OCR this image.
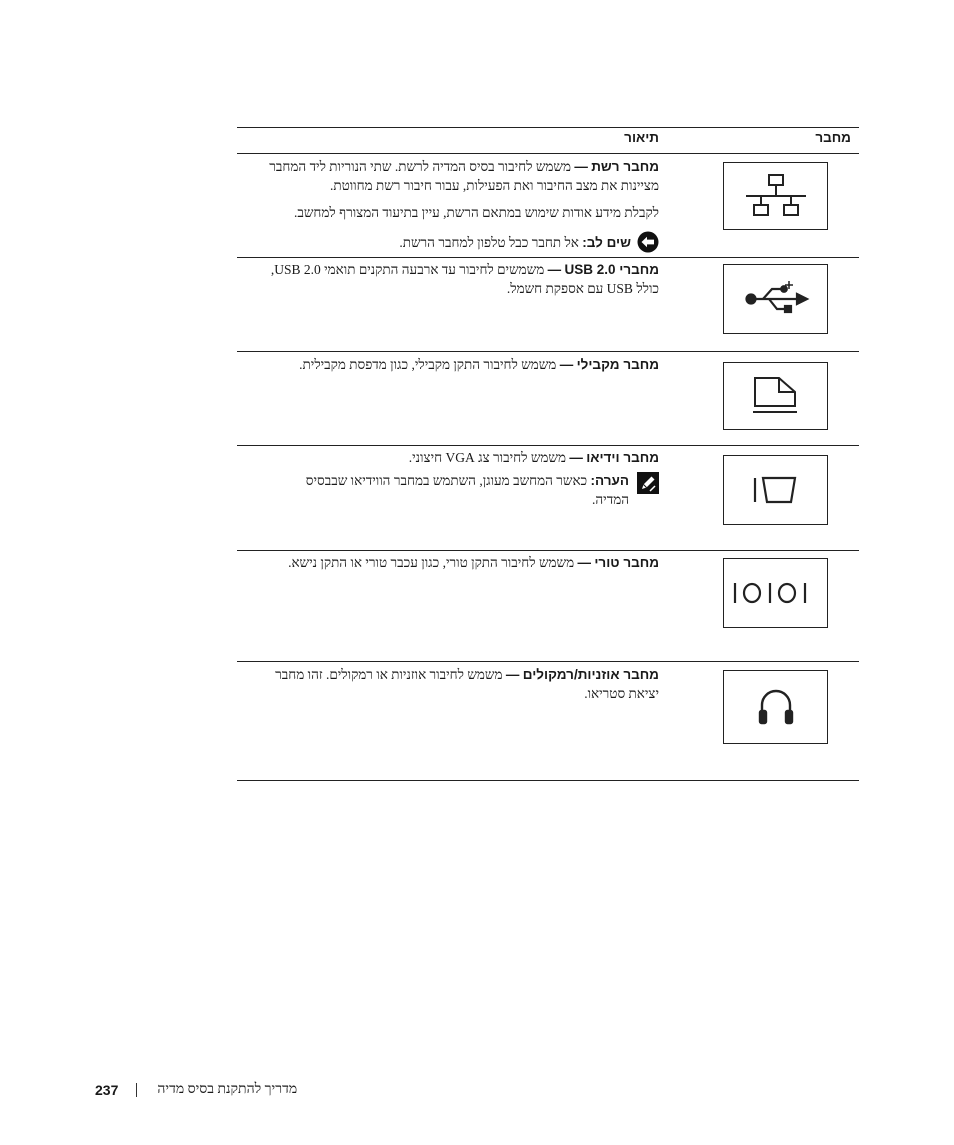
מחבר
תיאור

מחבר רשת — משמש לחיבור בסיס המדיה לרשת. שתי הנוריות ליד המחבר מציינות את מצב החיבור ואת הפעילות, עבור חיבור רשת מחווטת.

לקבלת מידע אודות שימוש במתאם הרשת, עיין בתיעוד המצורף למחשב.

שים לב: אל תחבר כבל טלפון למחבר הרשת.

מחברי USB 2.0 — משמשים לחיבור עד ארבעה התקנים תואמי USB 2.0, כולל USB עם אספקת חשמל.

מחבר מקבילי — משמש לחיבור התקן מקבילי, כגון מדפסת מקבילית.

מחבר וידיאו — משמש לחיבור צג VGA חיצוני.

הערה: כאשר המחשב מעוגן, השתמש במחבר הווידיאו שבבסיס המדיה.

מחבר טורי — משמש לחיבור התקן טורי, כגון עכבר טורי או התקן נישא.

מחבר אוזניות/רמקולים — משמש לחיבור אוזניות או רמקולים. זהו מחבר יציאת סטריאו.

237	מדריך להתקנת בסיס מדיה
